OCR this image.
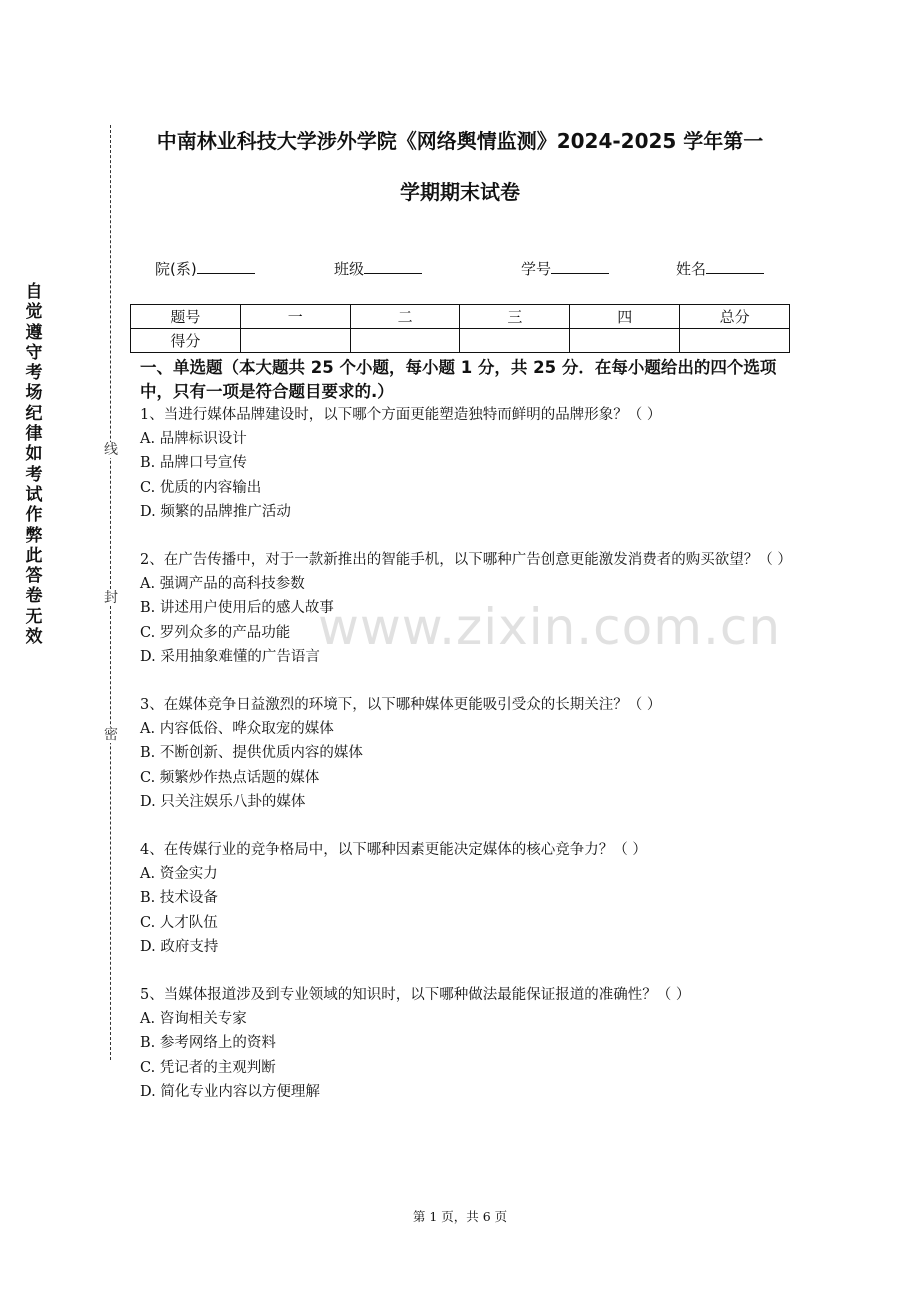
自觉遵守考场纪律如考试作弊此答卷无效
线
封
密
中南林业科技大学涉外学院《网络舆情监测》2024-2025 学年第一
学期期末试卷
院(系)	班级	学号	姓名
题号	一	二	三	四	总分
得分					
一、单选题（本大题共 25 个小题，每小题 1 分，共 25 分．在每小题给出的四个选项中，只有一项是符合题目要求的.）
1、当进行媒体品牌建设时，以下哪个方面更能塑造独特而鲜明的品牌形象？（ ）
A. 品牌标识设计
B. 品牌口号宣传
C. 优质的内容输出
D. 频繁的品牌推广活动
2、在广告传播中，对于一款新推出的智能手机，以下哪种广告创意更能激发消费者的购买欲望？（ ）
A. 强调产品的高科技参数
B. 讲述用户使用后的感人故事
C. 罗列众多的产品功能
D. 采用抽象难懂的广告语言
3、在媒体竞争日益激烈的环境下，以下哪种媒体更能吸引受众的长期关注？（ ）
A. 内容低俗、哗众取宠的媒体
B. 不断创新、提供优质内容的媒体
C. 频繁炒作热点话题的媒体
D. 只关注娱乐八卦的媒体
4、在传媒行业的竞争格局中，以下哪种因素更能决定媒体的核心竞争力？（ ）
A. 资金实力
B. 技术设备
C. 人才队伍
D. 政府支持
5、当媒体报道涉及到专业领域的知识时，以下哪种做法最能保证报道的准确性？（ ）
A. 咨询相关专家
B. 参考网络上的资料
C. 凭记者的主观判断
D. 简化专业内容以方便理解
www.zixin.com.cn
第 1 页，共 6 页
